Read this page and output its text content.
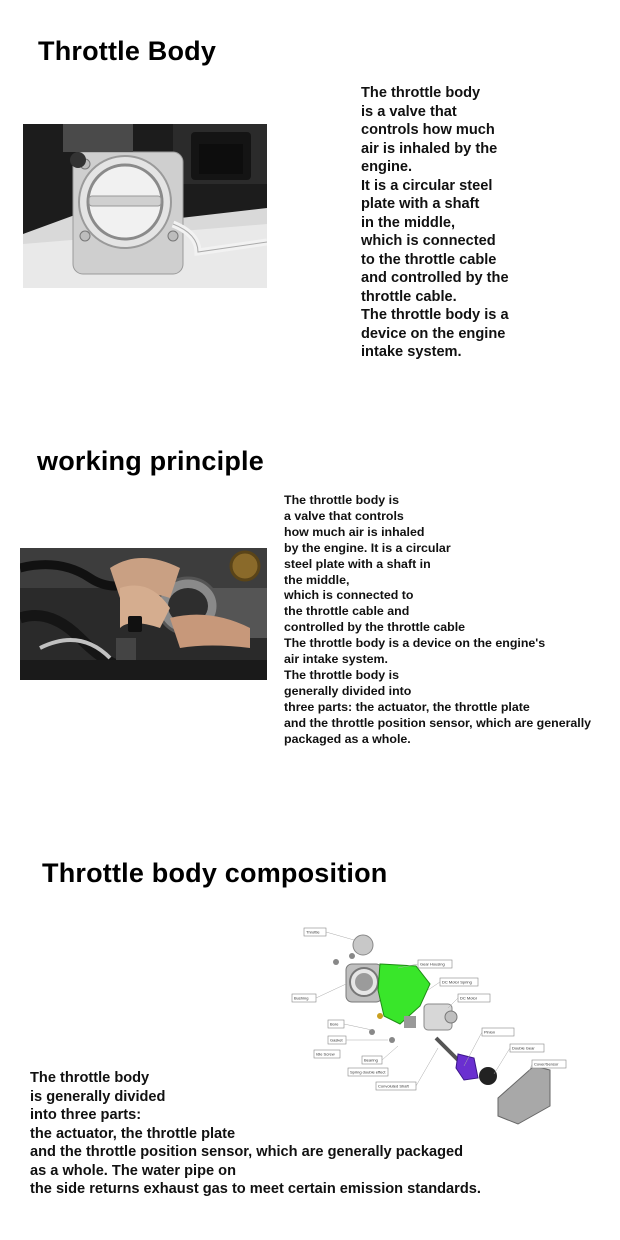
Throttle Body

The throttle body
is a valve that
controls how much
air is inhaled by the
engine.
It is a circular steel
plate with a shaft
in the middle,
which is connected
to the throttle cable
and controlled by the
throttle cable.
The throttle body is a
device on the engine
intake system.

working principle

The throttle body is
a valve that controls
how much air is inhaled
by the engine. It is a circular
steel plate with a shaft in
the middle,
which is connected to
the throttle cable and
controlled by the throttle cable
The throttle body is a device on the engine's
air intake system.
The throttle body is
generally divided into
three parts: the actuator, the throttle plate
and the throttle position sensor, which are generally
packaged as a whole.

Throttle body composition
Throttle
Gear Housing
DC Motor Spring
DC Motor
Bushing
Bore
Gasket
Idle Screw
Bearing
Spring double effect
Convoluted Shaft
Pinion
Double Gear
Cover/Sensor

The throttle body
is generally divided
into three parts:
the actuator, the throttle plate
and the throttle position sensor, which are generally packaged
as a whole. The water pipe on
the side returns exhaust gas to meet certain emission standards.
